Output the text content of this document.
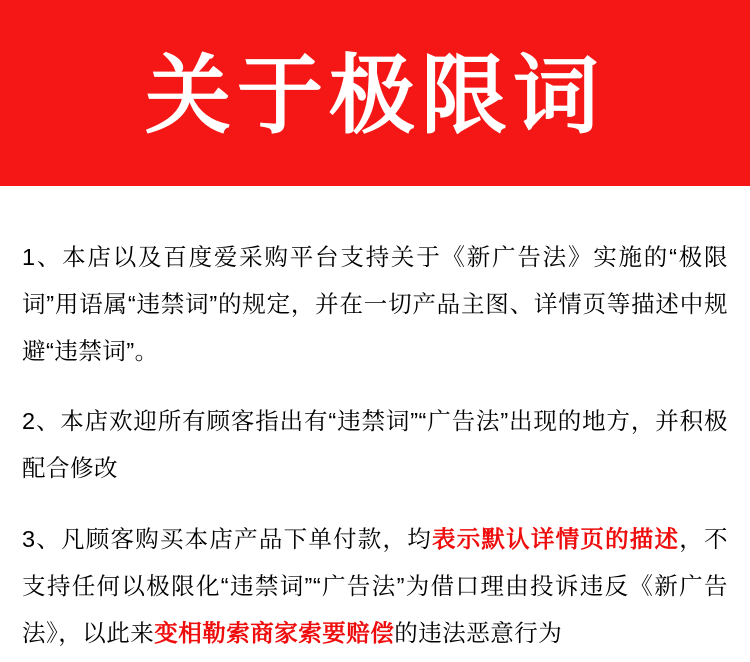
关于极限词

1、本店以及百度爱采购平台支持关于《新广告法》实施的“极限词”用语属“违禁词”的规定，并在一切产品主图、详情页等描述中规避“违禁词”。

2、本店欢迎所有顾客指出有“违禁词”“广告法”出现的地方，并积极配合修改

3、凡顾客购买本店产品下单付款，均表示默认详情页的描述，不支持任何以极限化“违禁词”“广告法”为借口理由投诉违反《新广告法》，以此来变相勒索商家索要赔偿的违法恶意行为
